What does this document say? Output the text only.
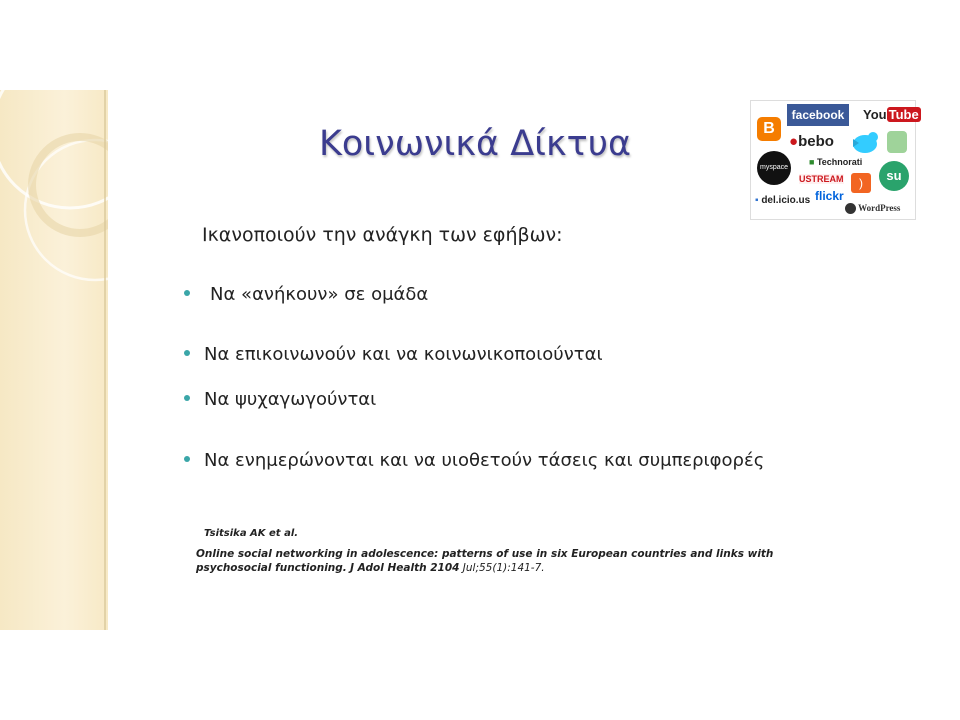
Κοινωνικά Δίκτυα
Ικανοποιούν την ανάγκη των εφήβων:
Να «ανήκουν» σε ομάδα
Να επικοινωνούν και να κοινωνικοποιούνται
Να ψυχαγωγούνται
Να ενημερώνονται και να υιοθετούν τάσεις και συμπεριφορές
Tsitsika AK et al.
Online social networking in adolescence: patterns of use in six European countries and links with psychosocial functioning. J Adol Health 2104 Jul;55(1):141-7.
facebook	You Tube
B
●bebo
myspace
■ Technorati
USTREAM	)	su
flickr
▪ del.icio.us
WordPress
